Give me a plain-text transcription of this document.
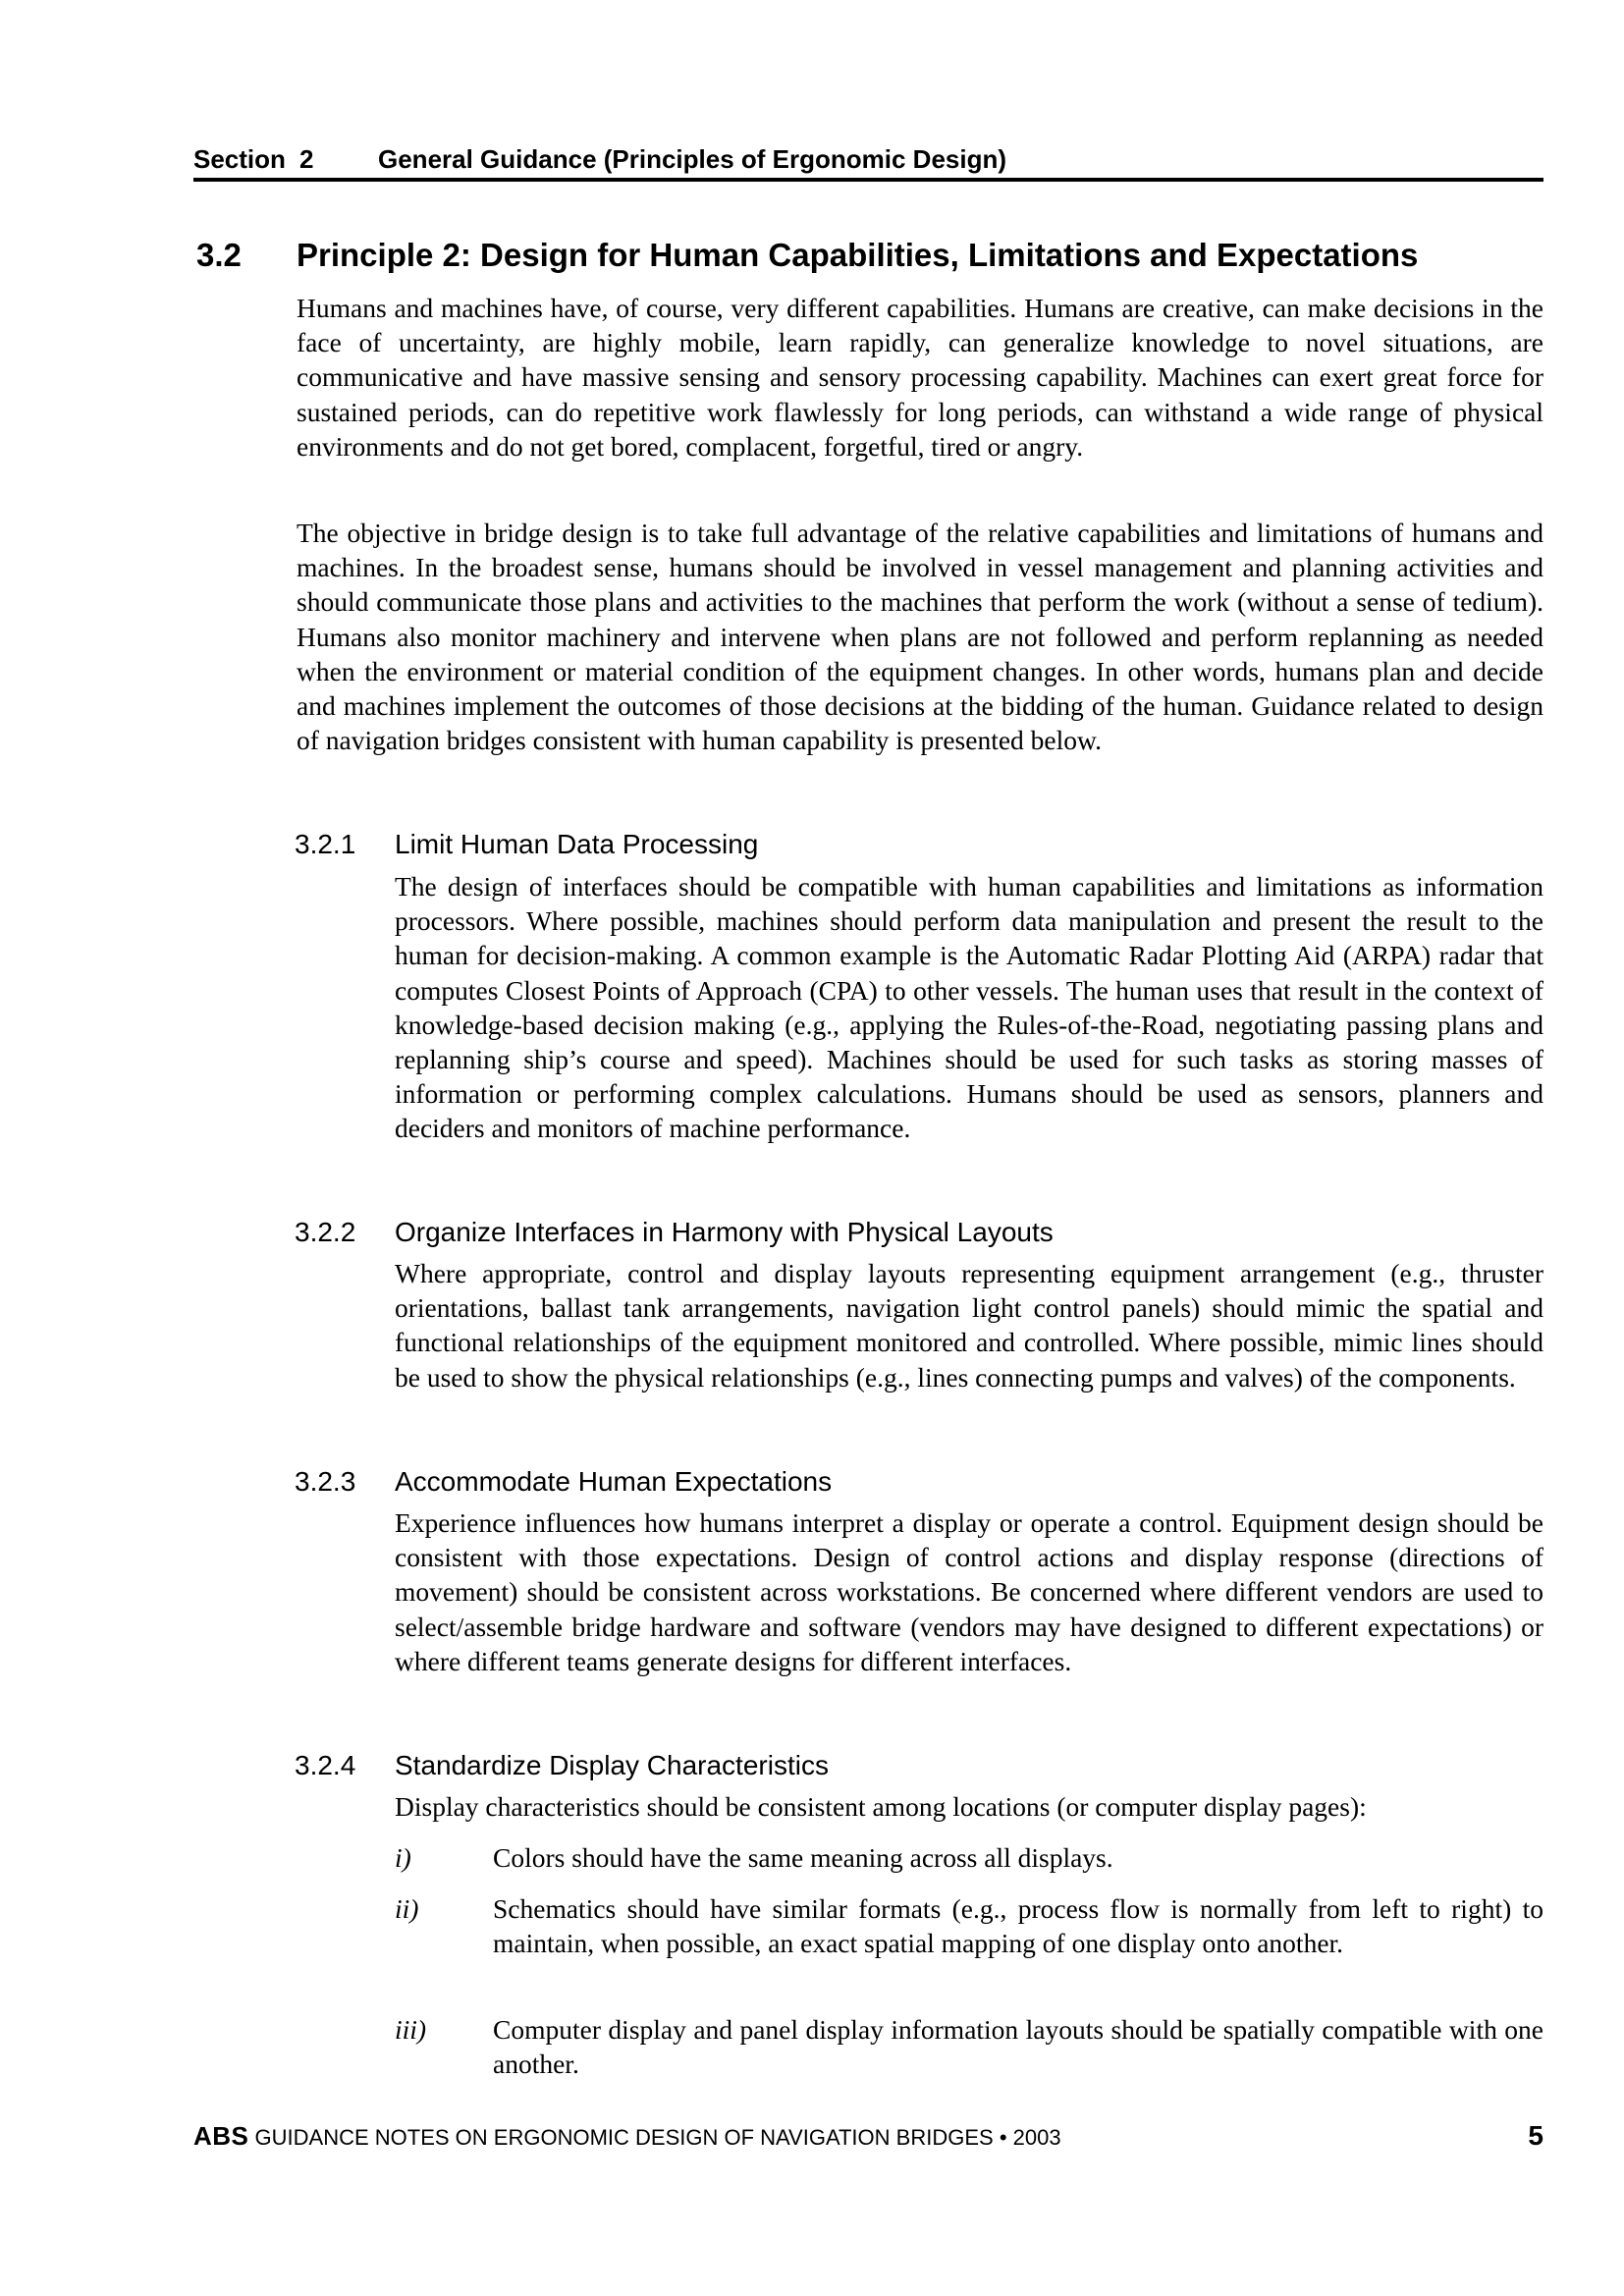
Section 2	General Guidance (Principles of Ergonomic Design)
3.2 Principle 2: Design for Human Capabilities, Limitations and Expectations

Humans and machines have, of course, very different capabilities. Humans are creative, can make decisions in the face of uncertainty, are highly mobile, learn rapidly, can generalize knowledge to novel situations, are communicative and have massive sensing and sensory processing capability. Machines can exert great force for sustained periods, can do repetitive work flawlessly for long periods, can withstand a wide range of physical environments and do not get bored, complacent, forgetful, tired or angry.

The objective in bridge design is to take full advantage of the relative capabilities and limitations of humans and machines. In the broadest sense, humans should be involved in vessel management and planning activities and should communicate those plans and activities to the machines that perform the work (without a sense of tedium). Humans also monitor machinery and intervene when plans are not followed and perform replanning as needed when the environment or material condition of the equipment changes. In other words, humans plan and decide and machines implement the outcomes of those decisions at the bidding of the human. Guidance related to design of navigation bridges consistent with human capability is presented below.

3.2.1 Limit Human Data Processing

The design of interfaces should be compatible with human capabilities and limitations as information processors. Where possible, machines should perform data manipulation and present the result to the human for decision-making. A common example is the Automatic Radar Plotting Aid (ARPA) radar that computes Closest Points of Approach (CPA) to other vessels. The human uses that result in the context of knowledge-based decision making (e.g., applying the Rules-of-the-Road, negotiating passing plans and replanning ship’s course and speed). Machines should be used for such tasks as storing masses of information or performing complex calculations. Humans should be used as sensors, planners and deciders and monitors of machine performance.

3.2.2 Organize Interfaces in Harmony with Physical Layouts

Where appropriate, control and display layouts representing equipment arrangement (e.g., thruster orientations, ballast tank arrangements, navigation light control panels) should mimic the spatial and functional relationships of the equipment monitored and controlled. Where possible, mimic lines should be used to show the physical relationships (e.g., lines connecting pumps and valves) of the components.

3.2.3 Accommodate Human Expectations

Experience influences how humans interpret a display or operate a control. Equipment design should be consistent with those expectations. Design of control actions and display response (directions of movement) should be consistent across workstations. Be concerned where different vendors are used to select/assemble bridge hardware and software (vendors may have designed to different expectations) or where different teams generate designs for different interfaces.

3.2.4 Standardize Display Characteristics

Display characteristics should be consistent among locations (or computer display pages):

i)	Colors should have the same meaning across all displays.
ii)	Schematics should have similar formats (e.g., process flow is normally from left to right) to maintain, when possible, an exact spatial mapping of one display onto another.
iii) Computer display and panel display information layouts should be spatially compatible with one another.
ABS GUIDANCE NOTES ON ERGONOMIC DESIGN OF NAVIGATION BRIDGES • 2003	5
